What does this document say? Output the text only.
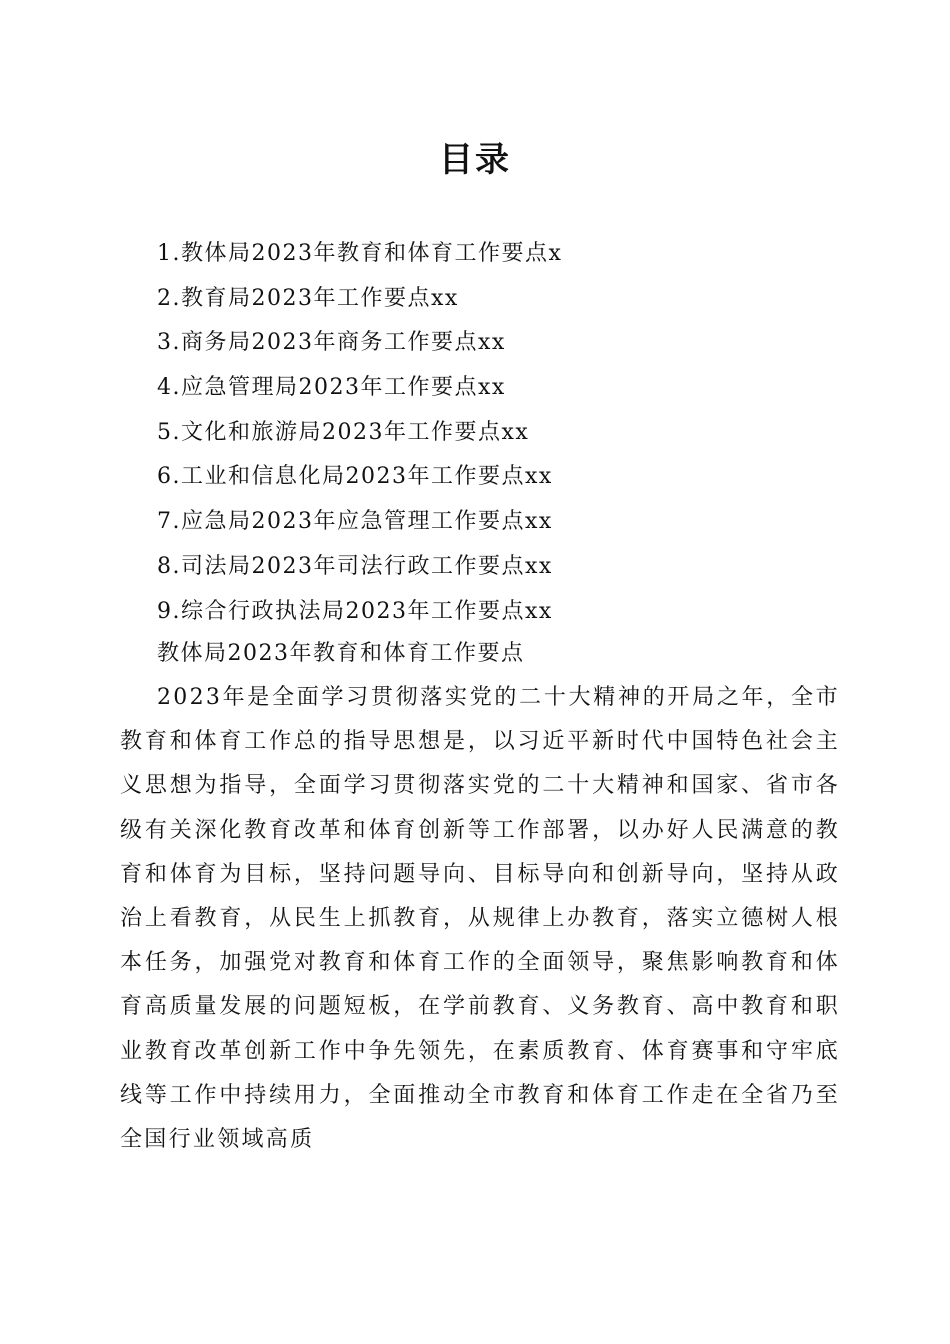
目录
1.教体局2023年教育和体育工作要点x
2.教育局2023年工作要点xx
3.商务局2023年商务工作要点xx
4.应急管理局2023年工作要点xx
5.文化和旅游局2023年工作要点xx
6.工业和信息化局2023年工作要点xx
7.应急局2023年应急管理工作要点xx
8.司法局2023年司法行政工作要点xx
9.综合行政执法局2023年工作要点xx
教体局2023年教育和体育工作要点

2023年是全面学习贯彻落实党的二十大精神的开局之年，全市教育和体育工作总的指导思想是，以习近平新时代中国特色社会主义思想为指导，全面学习贯彻落实党的二十大精神和国家、省市各级有关深化教育改革和体育创新等工作部署，以办好人民满意的教育和体育为目标，坚持问题导向、目标导向和创新导向，坚持从政治上看教育，从民生上抓教育，从规律上办教育，落实立德树人根本任务，加强党对教育和体育工作的全面领导，聚焦影响教育和体育高质量发展的问题短板，在学前教育、义务教育、高中教育和职业教育改革创新工作中争先领先，在素质教育、体育赛事和守牢底线等工作中持续用力，全面推动全市教育和体育工作走在全省乃至全国行业领域高质
